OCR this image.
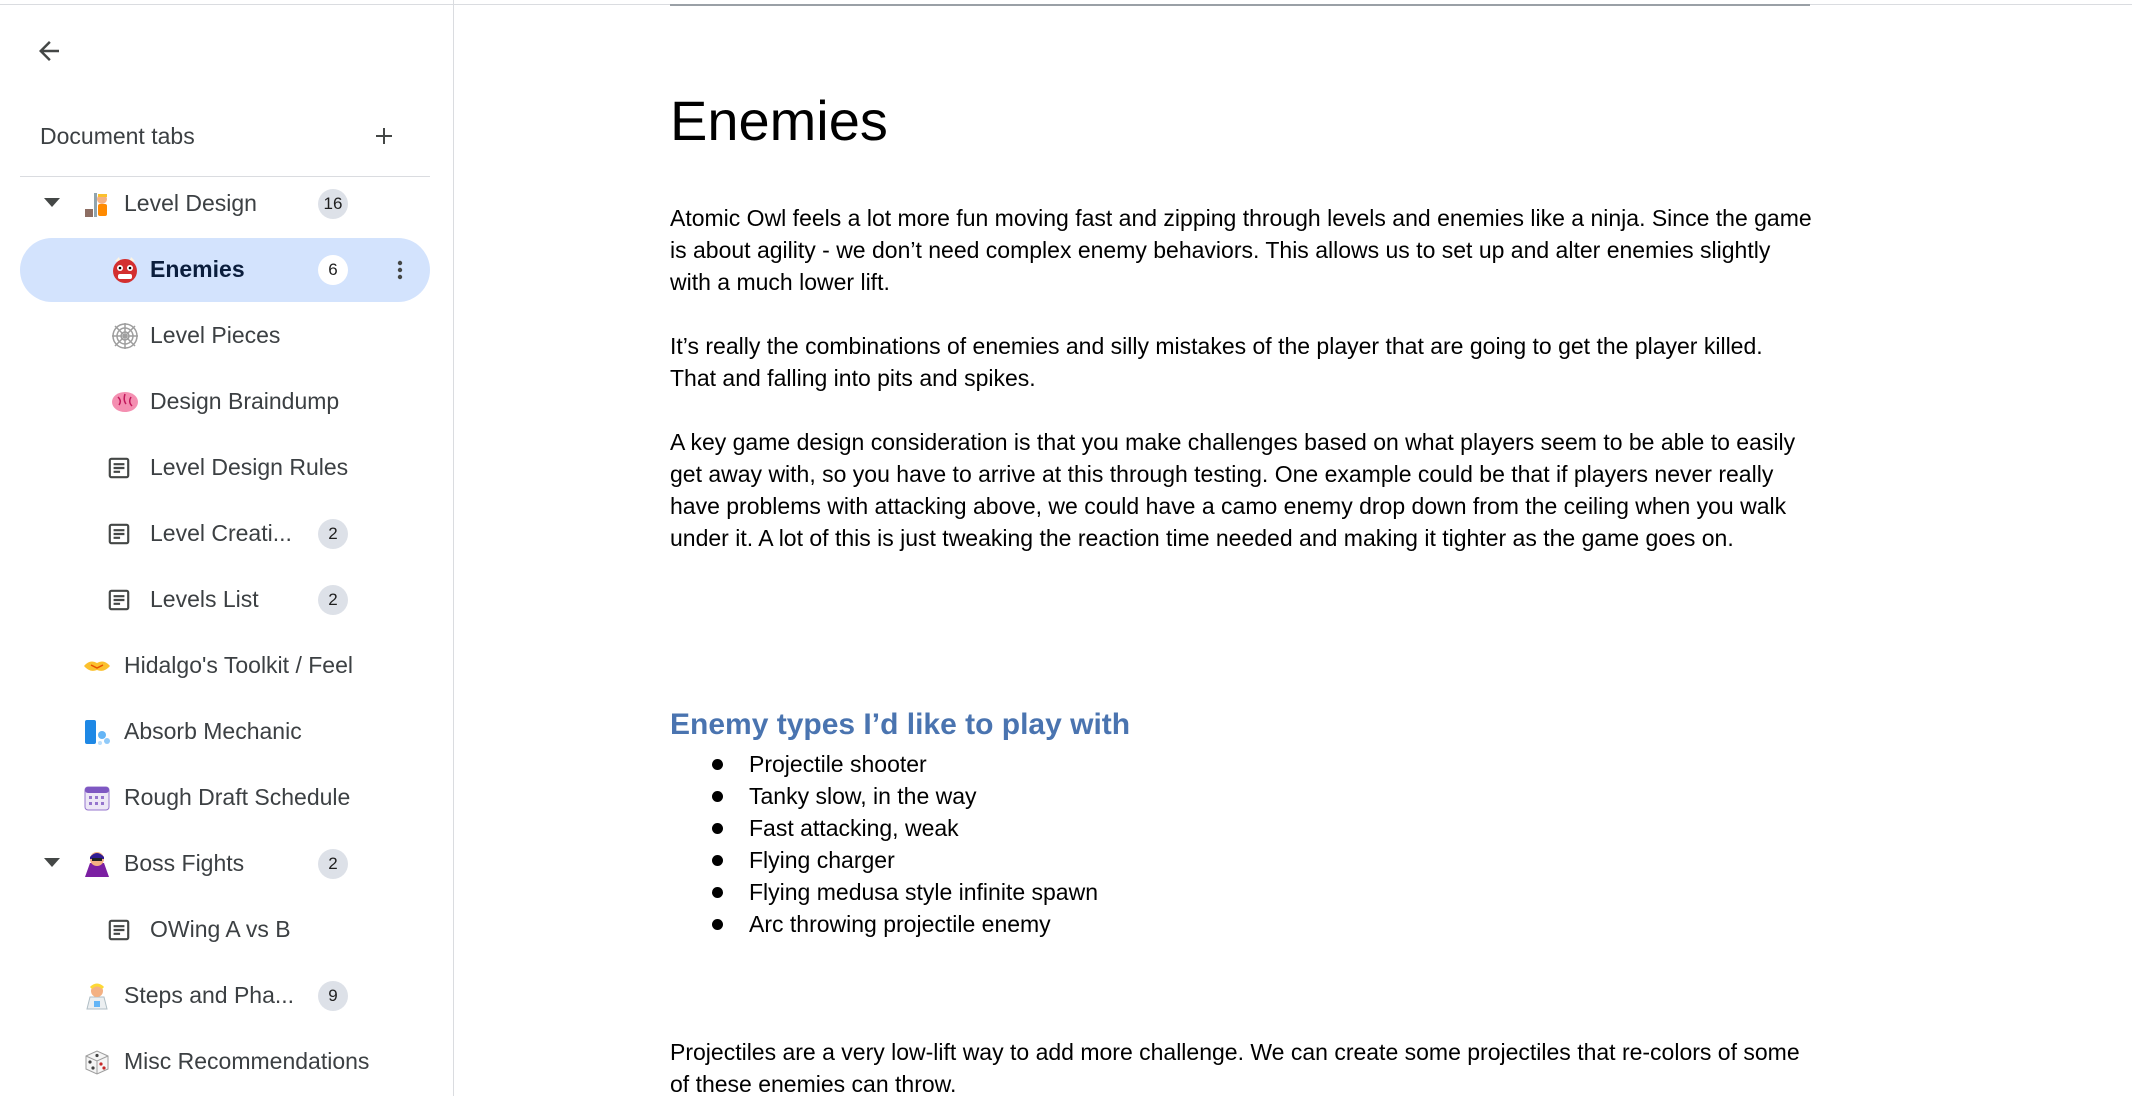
Document tabs
Level Design	16
Enemies	6
Level Pieces
Design Braindump
Level Design Rules
Level Creati...	2
Levels List	2
Hidalgo's Toolkit / Feel
Absorb Mechanic
Rough Draft Schedule
Boss Fights	2
OWing A vs B
Steps and Pha...	9
Misc Recommendations
Enemies

Atomic Owl feels a lot more fun moving fast and zipping through levels and enemies like a ninja. Since the game is about agility - we don’t need complex enemy behaviors. This allows us to set up and alter enemies slightly with a much lower lift.

It’s really the combinations of enemies and silly mistakes of the player that are going to get the player killed. That and falling into pits and spikes.

A key game design consideration is that you make challenges based on what players seem to be able to easily get away with, so you have to arrive at this through testing. One example could be that if players never really have problems with attacking above, we could have a camo enemy drop down from the ceiling when you walk under it. A lot of this is just tweaking the reaction time needed and making it tighter as the game goes on.

Enemy types I’d like to play with
Projectile shooter
Tanky slow, in the way
Fast attacking, weak
Flying charger
Flying medusa style infinite spawn
Arc throwing projectile enemy

Projectiles are a very low-lift way to add more challenge. We can create some projectiles that re-colors of some of these enemies can throw.
